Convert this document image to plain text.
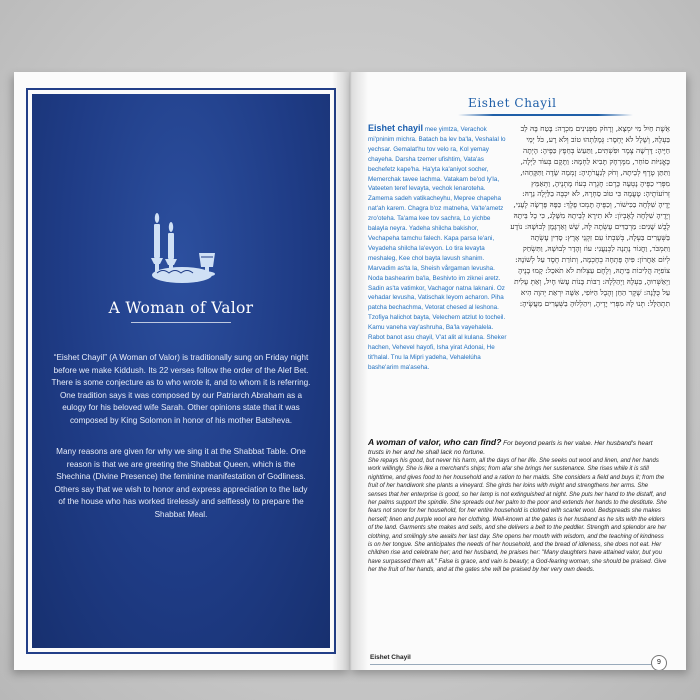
A Woman of Valor

“Eishet Chayil” (A Woman of Valor) is traditionally sung on Friday night before we make Kiddush. Its 22 verses follow the order of the Alef Bet. There is some conjecture as to who wrote it, and to whom it is referring. One tradition says it was composed by our Patriarch Abraham as a eulogy for his beloved wife Sarah. Other opinions state that it was composed by King Solomon in honor of his mother Batsheva.

Many reasons are given for why we sing it at the Shabbat Table. One reason is that we are greeting the Shabbat Queen, which is the Shechina (Divine Presence) the feminine manifestation of Godliness. Others say that we wish to honor and express appreciation to the lady of the house who has worked tirelessly and selflessly to prepare the Shabbat Meal.

Eishet Chayil

Eishet chayil mee yimtza, Verachok mi'pninim michra. Batach ba lev ba'la, Veshalal lo yechsar. Gemalat'hu tov velo ra, Kol yemay chayeha. Darsha tzemer ufishtim, Vata'as bechefetz kape'ha. Ha'yta ka'aniyot socher, Memerchak tavee lachma. Vatakam be'od ly'la, Vateeten teref levayta, vechok lenaroteha. Zamema sadeh vatikacheyhu, Mepree chapeha nat'ah karem. Chagra b'oz matneha, Va'te'ametz zro'oteha. Ta'ama kee tov sachra, Lo yichbe balayla neyra. Yadeha shilcha bakishor, Vechapeha tamchu falech. Kapa parsa le'ani, Veyadeha shilcha la'evyon. Lo tira levayta meshaleg, Kee chol bayta lavush shanim. Marvadim as'ta la, Sheish vårgaman levusha. Noda bashearim ba'la, Beshivto im ziknei aretz. Sadin as'ta vatimkor, Vachagor natna laknani. Oz vehadar levusha, Vatischak leyom acharon. Piha patcha bechachma, Vetorat chesed al leshona. Tzofiya halichot bayta, Velechem atzlut lo tocheil. Kamu vaneha vay'ashruha, Ba'la vayehalela. Rabot banot asu chayil, V'at alit al kulana. Sheker hachen, Vehevel hayofi, Isha yirat Adonai, He tit'halal. Tnu la Mipri yadeha, Vehalelúha bashe'arim ma'aseha.

אֵשֶׁת חַיִל מִי יִמְצָא, וְרָחֹק מִפְּנִינִים מִכְרָה: בָּטַח בָּהּ לֵב בַּעְלָהּ, וְשָׁלָל לֹא יֶחְסָר: גְּמָלַתְהוּ טוֹב וְלֹא רָע, כֹּל יְמֵי חַיֶּיהָ: דָּרְשָׁה צֶמֶר וּפִשְׁתִּים, וַתַּעַשׂ בְּחֵפֶץ כַּפֶּיהָ: הָיְתָה כָּאֳנִיּוֹת סוֹחֵר, מִמֶּרְחָק תָּבִיא לַחְמָהּ: וַתָּקָם בְּעוֹד לַיְלָה, וַתִּתֵּן טֶרֶף לְבֵיתָהּ, וְחֹק לְנַעֲרֹתֶיהָ: זָמְמָה שָׂדֶה וַתִּקָּחֵהוּ, מִפְּרִי כַפֶּיהָ נָטְעָה כָּרֶם: חָגְרָה בְעוֹז מָתְנֶיהָ, וַתְּאַמֵּץ זְרוֹעוֹתֶיהָ: טָעֲמָה כִּי טוֹב סַחְרָהּ, לֹא יִכְבֶּה בַלַּיְלָה נֵרָהּ: יָדֶיהָ שִׁלְּחָה בַכִּישׁוֹר, וְכַפֶּיהָ תָּמְכוּ פָלֶךְ: כַּפָּהּ פָּרְשָׂה לֶעָנִי, וְיָדֶיהָ שִׁלְּחָה לָאֶבְיוֹן: לֹא תִירָא לְבֵיתָהּ מִשָּׁלֶג, כִּי כָל בֵּיתָהּ לָבֻשׁ שָׁנִים: מַרְבַדִּים עָשְׂתָה לָּהּ, שֵׁשׁ וְאַרְגָּמָן לְבוּשָׁהּ: נוֹדָע בַּשְּׁעָרִים בַּעְלָהּ, בְּשִׁבְתּוֹ עִם זִקְנֵי אָרֶץ: סָדִין עָשְׂתָה וַתִּמְכֹּר, וַחֲגוֹר נָתְנָה לַכְּנַעֲנִי: עוֹז וְהָדָר לְבוּשָׁהּ, וַתִּשְׂחַק לְיוֹם אַחֲרוֹן: פִּיהָ פָּתְחָה בְחָכְמָה, וְתוֹרַת חֶסֶד עַל לְשׁוֹנָהּ: צוֹפִיָּה הֲלִיכוֹת בֵּיתָהּ, וְלֶחֶם עַצְלוּת לֹא תֹאכֵל: קָמוּ בָנֶיהָ וַיְאַשְּׁרוּהָ, בַּעְלָהּ וַיְהַלְלָהּ: רַבּוֹת בָּנוֹת עָשׂוּ חָיִל, וְאַתְּ עָלִית עַל כֻּלָּנָה: שֶׁקֶר הַחֵן וְהֶבֶל הַיּוֹפִי, אִשָּׁה יִרְאַת יְהוָה הִיא תִתְהַלָּל: תְּנוּ לָהּ מִפְּרִי יָדֶיהָ, וִיהַלְלוּהָ בַשְּׁעָרִים מַעֲשֶׂיהָ:

A woman of valor, who can find? For beyond pearls is her value. Her husband's heart trusts in her and he shall lack no fortune.

She repays his good, but never his harm, all the days of her life. She seeks out wool and linen, and her hands work willingly. She is like a merchant's ships; from afar she brings her sustenance. She rises while it is still nighttime, and gives food to her household and a ration to her maids. She considers a field and buys it; from the fruit of her handiwork she plants a vineyard. She girds her loins with might and strengthens her arms. She senses that her enterprise is good, so her lamp is not extinguished at night. She puts her hand to the distaff, and her palms support the spindle. She spreads out her palm to the poor and extends her hands to the destitute. She fears not snow for her household, for her entire household is clothed with scarlet wool. Bedspreads she makes herself; linen and purple wool are her clothing. Well-known at the gates is her husband as he sits with the elders of the land. Garments she makes and sells, and she delivers a belt to the peddler. Strength and splendor are her clothing, and smilingly she awaits her last day. She opens her mouth with wisdom, and the teaching of kindness is on her tongue. She anticipates the needs of her household, and the bread of idleness, she does not eat. Her children rise and celebrate her; and her husband, he praises her: "Many daughters have attained valor, but you have surpassed them all." False is grace, and vain is beauty; a God-fearing woman, she should be praised. Give her the fruit of her hands, and at the gates she will be praised by her very own deeds.

Eishet Chayil
9
